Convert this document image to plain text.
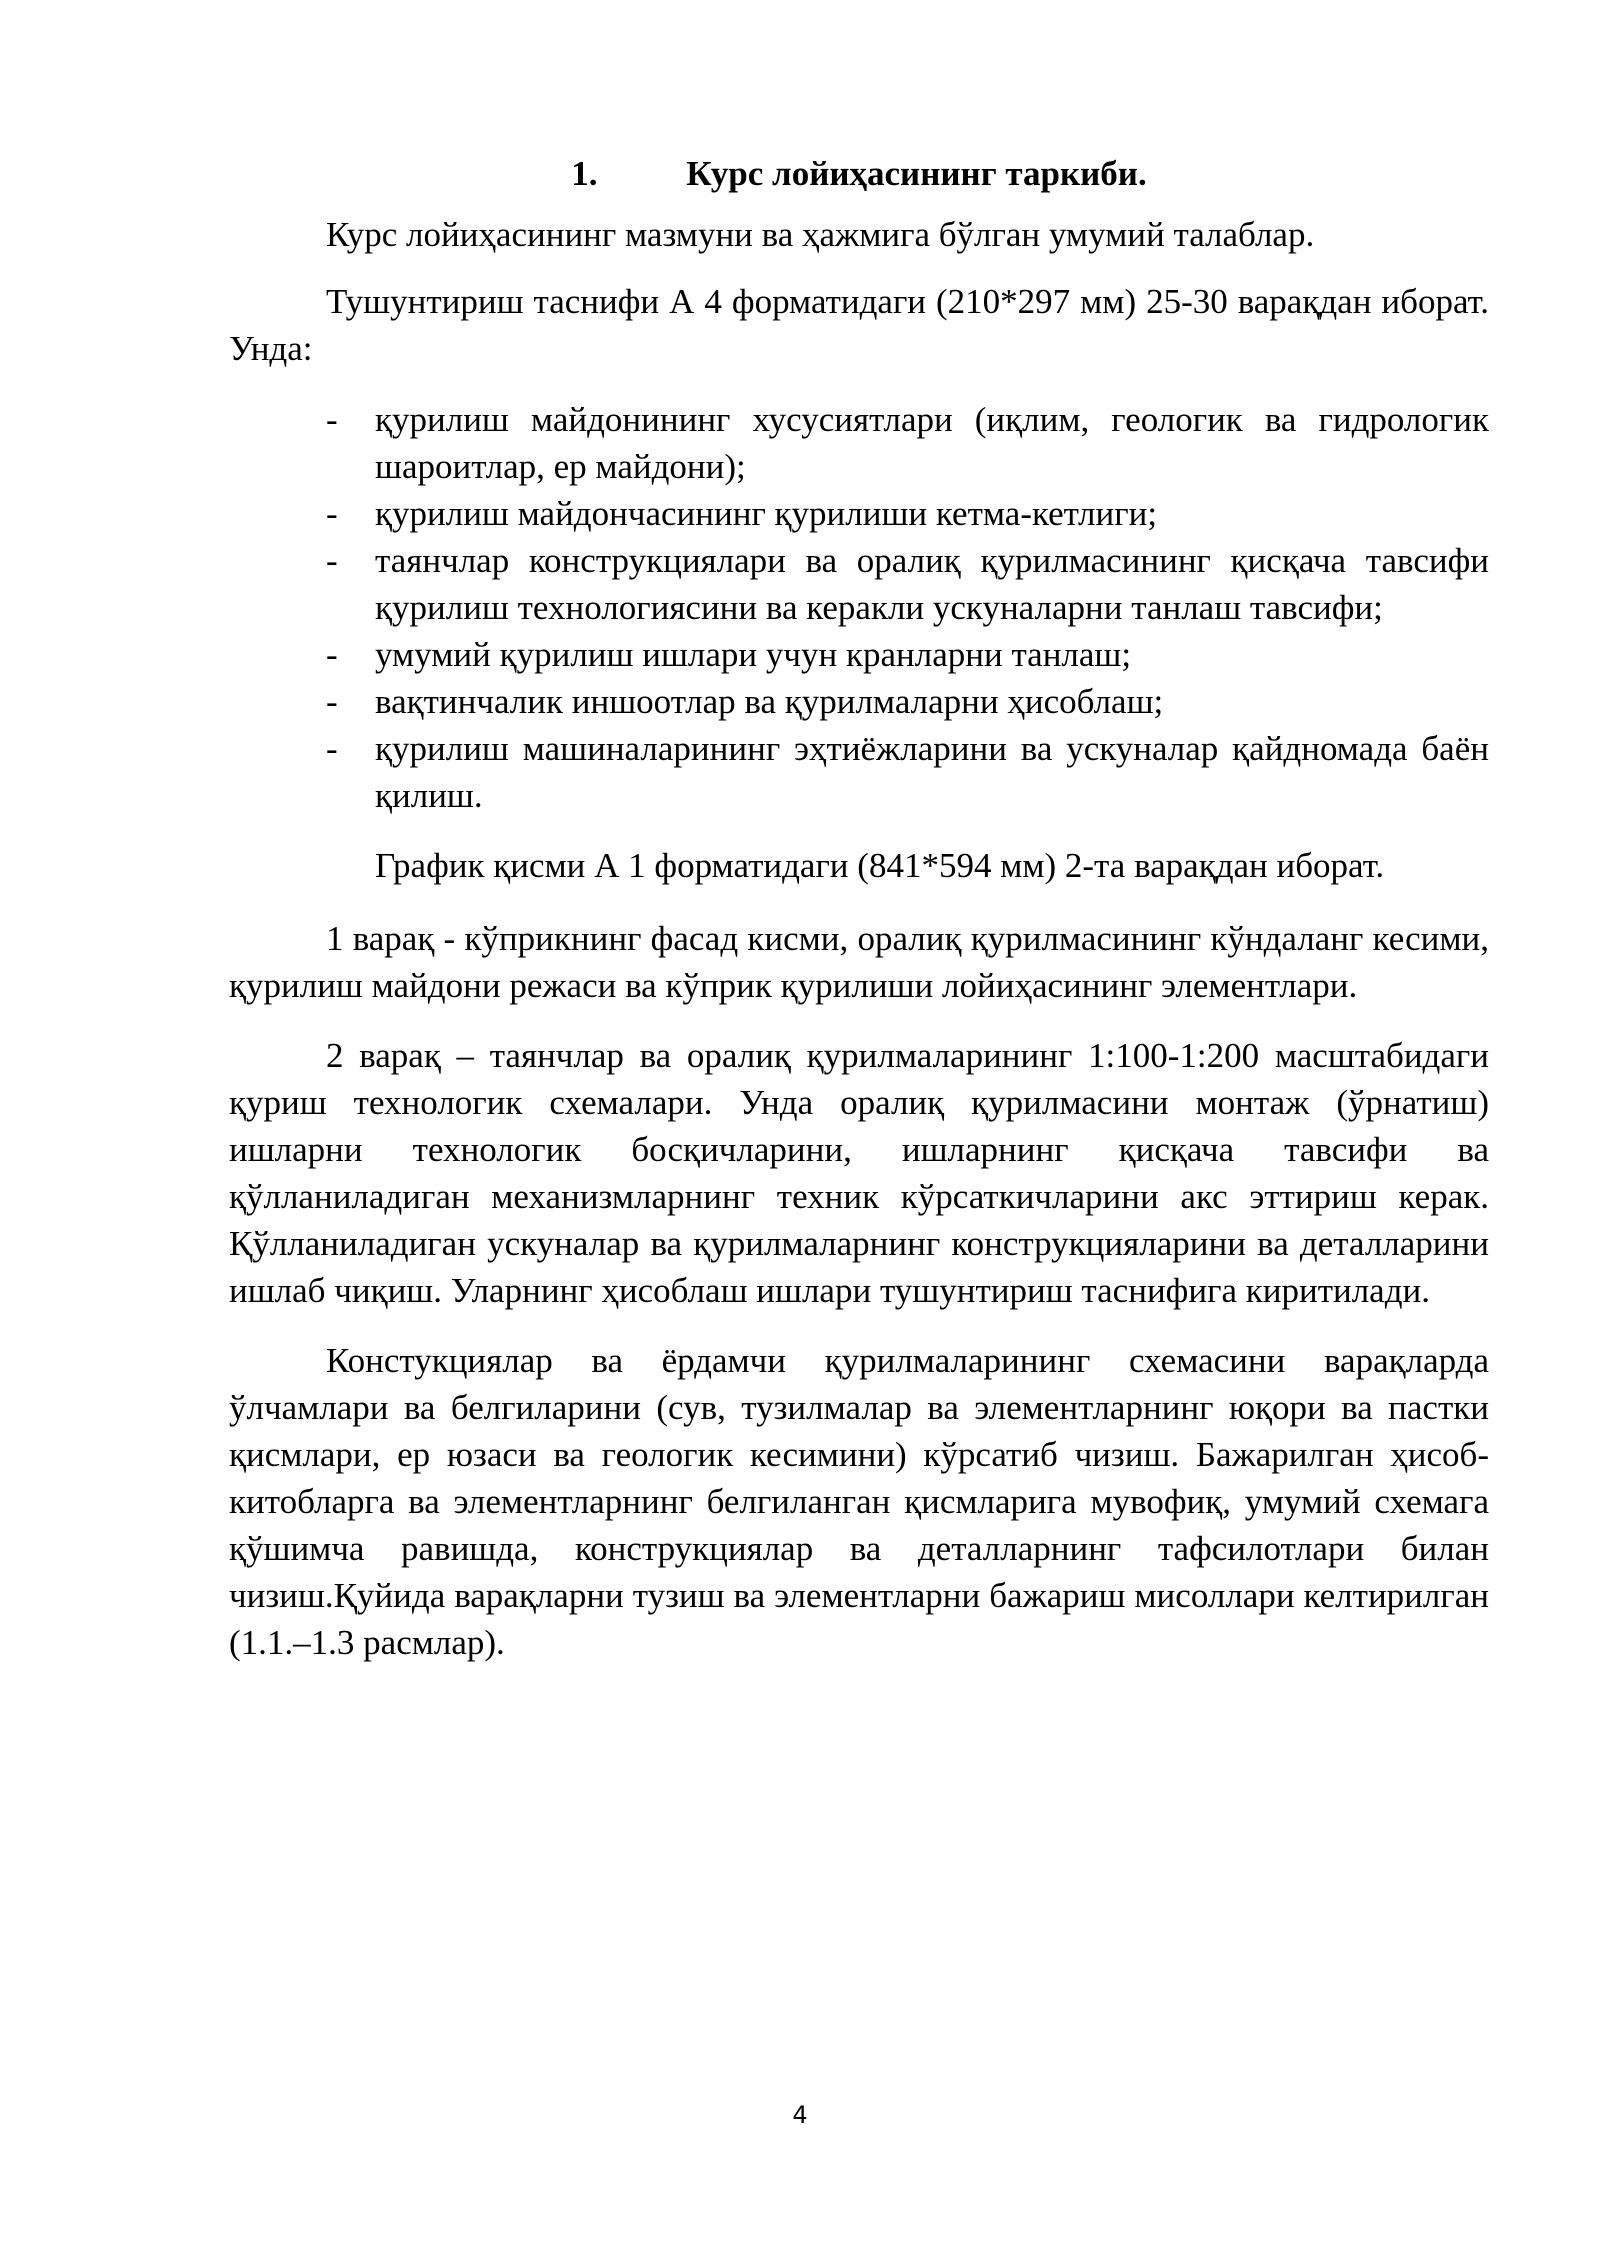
1.	Курс лойиҳасининг таркиби.

Курс лойиҳасининг мазмуни ва ҳажмига бўлган умумий талаблар.

Тушунтириш таснифи А 4 форматидаги (210*297 мм) 25-30 варақдан иборат. Унда:

- қурилиш майдонининг хусусиятлари (иқлим, геологик ва гидрологик шароитлар, ер майдони);
- қурилиш майдончасининг қурилиши кетма-кетлиги;
- таянчлар конструкциялари ва оралиқ қурилмасининг қисқача тавсифи қурилиш технологиясини ва керакли ускуналарни танлаш тавсифи;
- умумий қурилиш ишлари учун кранларни танлаш;
- вақтинчалик иншоотлар ва қурилмаларни ҳисоблаш;
- қурилиш машиналарининг эҳтиёжларини ва ускуналар қайдномада баён қилиш.

График қисми А 1 форматидаги (841*594 мм) 2-та варақдан иборат.

1 варақ - кўприкнинг фасад кисми, оралиқ қурилмасининг кўндаланг кесими, қурилиш майдони режаси ва кўприк қурилиши лойиҳасининг элементлари.

2 варақ – таянчлар ва оралиқ қурилмаларининг 1:100-1:200 масштабидаги қуриш технологик схемалари. Унда оралиқ қурилмасини монтаж (ўрнатиш) ишларни технологик босқичларини, ишларнинг қисқача тавсифи ва қўлланиладиган механизмларнинг техник кўрсаткичларини акс эттириш керак. Қўлланиладиган ускуналар ва қурилмаларнинг конструкцияларини ва деталларини ишлаб чиқиш. Уларнинг ҳисоблаш ишлари тушунтириш таснифига киритилади.

Констукциялар ва ёрдамчи қурилмаларининг схемасини варақларда ўлчамлари ва белгиларини (сув, тузилмалар ва элементларнинг юқори ва пастки қисмлари, ер юзаси ва геологик кесимини) кўрсатиб чизиш. Бажарилган ҳисоб-китобларга ва элементларнинг белгиланган қисмларига мувофиқ, умумий схемага қўшимча равишда, конструкциялар ва деталларнинг тафсилотлари билан чизиш.Қуйида варақларни тузиш ва элементларни бажариш мисоллари келтирилган (1.1.–1.3 расмлар).

4
